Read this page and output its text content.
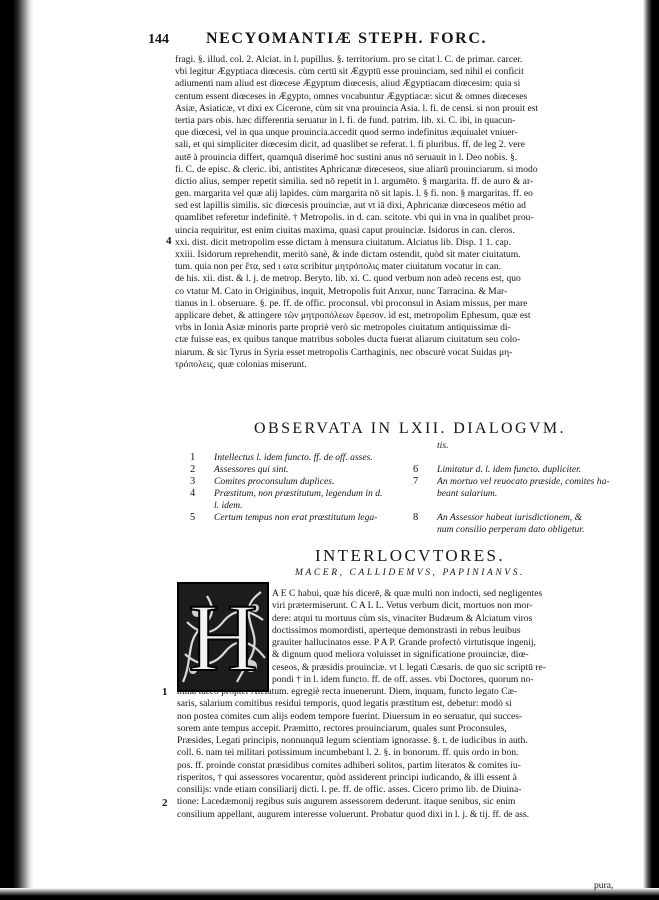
144 NECYOMANTIÆ STEPH. FORC.
fragi. §. illud. col. 2. Alciat. in l. pupillus. §. territorium. pro se citat l. C. de primar. carcer.
vbi legitur Ægyptiaca diœcesis. cùm certū sit Ægyptū esse prouinciam, sed nihil ei conficit
adiumenti nam aliud est diœcese Ægyptum diœcesis, aliud Ægyptiacam diœcesim: quia si
centum essent diœceses in Ægypto, omnes vocabuntur Ægyptiacæ: sicut & omnes diœceses
Asiæ, Asiaticæ, vt dixi ex Cicerone, cùm sit vna prouincia Asia. l. fi. de censi. si non prouit est
tertia pars obis. hæc differentia seruatur in l. fi. de fund. patrim. lib. xi. C. ibi, in quacun-
que diœcesi, vel in qua unque prouincia.accedit quod sermo indefinitus æquiualet vniuer-
sali, et qui simpliciter diœcesim dicit, ad quaslibet se referat. l. fi pluribus. ff. de leg 2. vere
autē à prouincia differt, quamquā diserimē hoc sustini anus nō seruauit in l. Deo nobis. §.
fi. C. de episc. & cleric. ibi, antistites Aphricanæ diœceseos, siue aliarū prouinciarum. si modo
dictio alius, semper repetit similia. sed nō repetit in l. argumēto. § margarita. ff. de auro & ar-
gen. margarita vel quæ alij lapides. cùm margarita nō sit lapis. l. § fi. non. § margaritas. ff. eo
sed est lapillis similis. sic diœcesis prouinciæ, aut vt iā dixi, Aphricanæ diœceseos métio ad
quamlibet referetur indefinitè. † Metropolis. in d. can. scitote. vbi qui in vna in qualibet prou-
uincia requiritur, est enim ciuitas maxima, quasi caput prouinciæ. Isidorus in can. cleros.
xxi. dist. dicit metropolim esse dictam à mensura ciuitatum. Alciatus lib. Disp. 1 1. cap.
xxiii. Isidorum reprehendit, meritò sanè, & inde dictam ostendit, quòd sit mater ciuitatum.
tum. quia non per ἔτα, sed ι ωτα scribitur μητρόπολις mater ciuitatum vocatur in can.
de his. xii. dist. & l. j. de metrop. Beryto. lib. xi. C. quod verbum non adeò recens est, quo
co vtatur M. Cato in Originibus, inquit, Metropolis fuit Anxur, nunc Tarracina. & Mar-
tianus in l. obseruare. §. pe. ff. de offic. proconsul. vbi proconsul in Asiam missus, per mare
applicare debet, & attingere τῶν μητροπόλεων ἔφεσον. id est, metropolim Ephesum, quæ est
vrbs in Ionia Asiæ minoris parte propriè verò sic metropoles ciuitatum antiquissimæ di-
ctæ fuisse eas, ex quibus tanque matribus soboles ducta fuerat aliarum ciuitatum seu colo-
niarum. & sic Tyrus in Syria esset metropolis Carthaginis, nec obscurè vocat Suidas μη-
τρόπολεις, quæ colonias miserunt.
4
OBSERVATA IN LXII. DIALOGVM.
1 Intellectus l. idem functo. ff. de off. asses.
2 Assessores qui sint.
3 Comites proconsulum duplices.
4 Præstitum, non præstitutum, legendum in d.
l. idem.
5 Certum tempus non erat præstitutum lega-
tis.
6 Limitatur d. l. idem functo. dupliciter.
7 An mortuo vel reuocato præside, comites ha-
beant salarium.
8 An Assessor habeat iurisdictionem, &
num consilio perperam dato obligetur.
INTERLOCVTORES.
MACER, CALLIDEMVS, PAPINIANVS.
H	A E C habui, quæ his dicerē, & quæ multi non indocti, sed negligentes
viri prætermiserunt. C A L L. Vetus verbum dicit, mortuos non mor-
dere: atqui tu mortuus cùm sis, vinaciter Budæum & Alciatum viros
doctissimos momordisti, aperteque demonstrasti in rebus leuibus
grauiter hallucinatos esse. P A P. Grande profectò virtutisque ingenij,
& dignum quod meliora voluisset in significatione prouinciæ, diœ-
ceseos, & præsidis prouinciæ. vt l. legati Cæsaris. de quo sic scriptū re-
pondi † in l. idem functo. ff. de off. asses. vbi Doctores, quorum no-
mina taceo propter Alciatum. egregiè recta inuenerunt. Diem, inquam, functo legato Cæ-
saris, salarium comitibus residui temporis, quod legatis præstitum est, debetur: modò si
non postea comites cum alijs eodem tempore fuerint. Diuersum in eo seruatur, qui succes-
sorem ante tempus accepit. Præmitto, rectores prouinciarum, quales sunt Proconsules,
Præsides, Legati principis, nonnunquā legum scientiam ignorasse. §. t. de iudicibus in auth.
coll. 6. nam tei militari potissimum incumbebant l. 2. §. in bonorum. ff. quis ordo in bon.
pos. ff. proinde constat præsidibus comites adhiberi solitos, partim literatos & comites iu-
risperitos, † qui assessores vocarentur, quòd assiderent principi iudicando, & illi essent à
consilijs: vnde etiam consiliarij dicti. l. pe. ff. de offic. asses. Cicero primo lib. de Diuina-
tione: Lacedæmonij regibus suis augurem assessorem dederunt. itaque senibus, sic enim
consilium appellant, augurem interesse voluerunt. Probatur quod dixi in l. j. & tij. ff. de ass.
1
2
pura,
